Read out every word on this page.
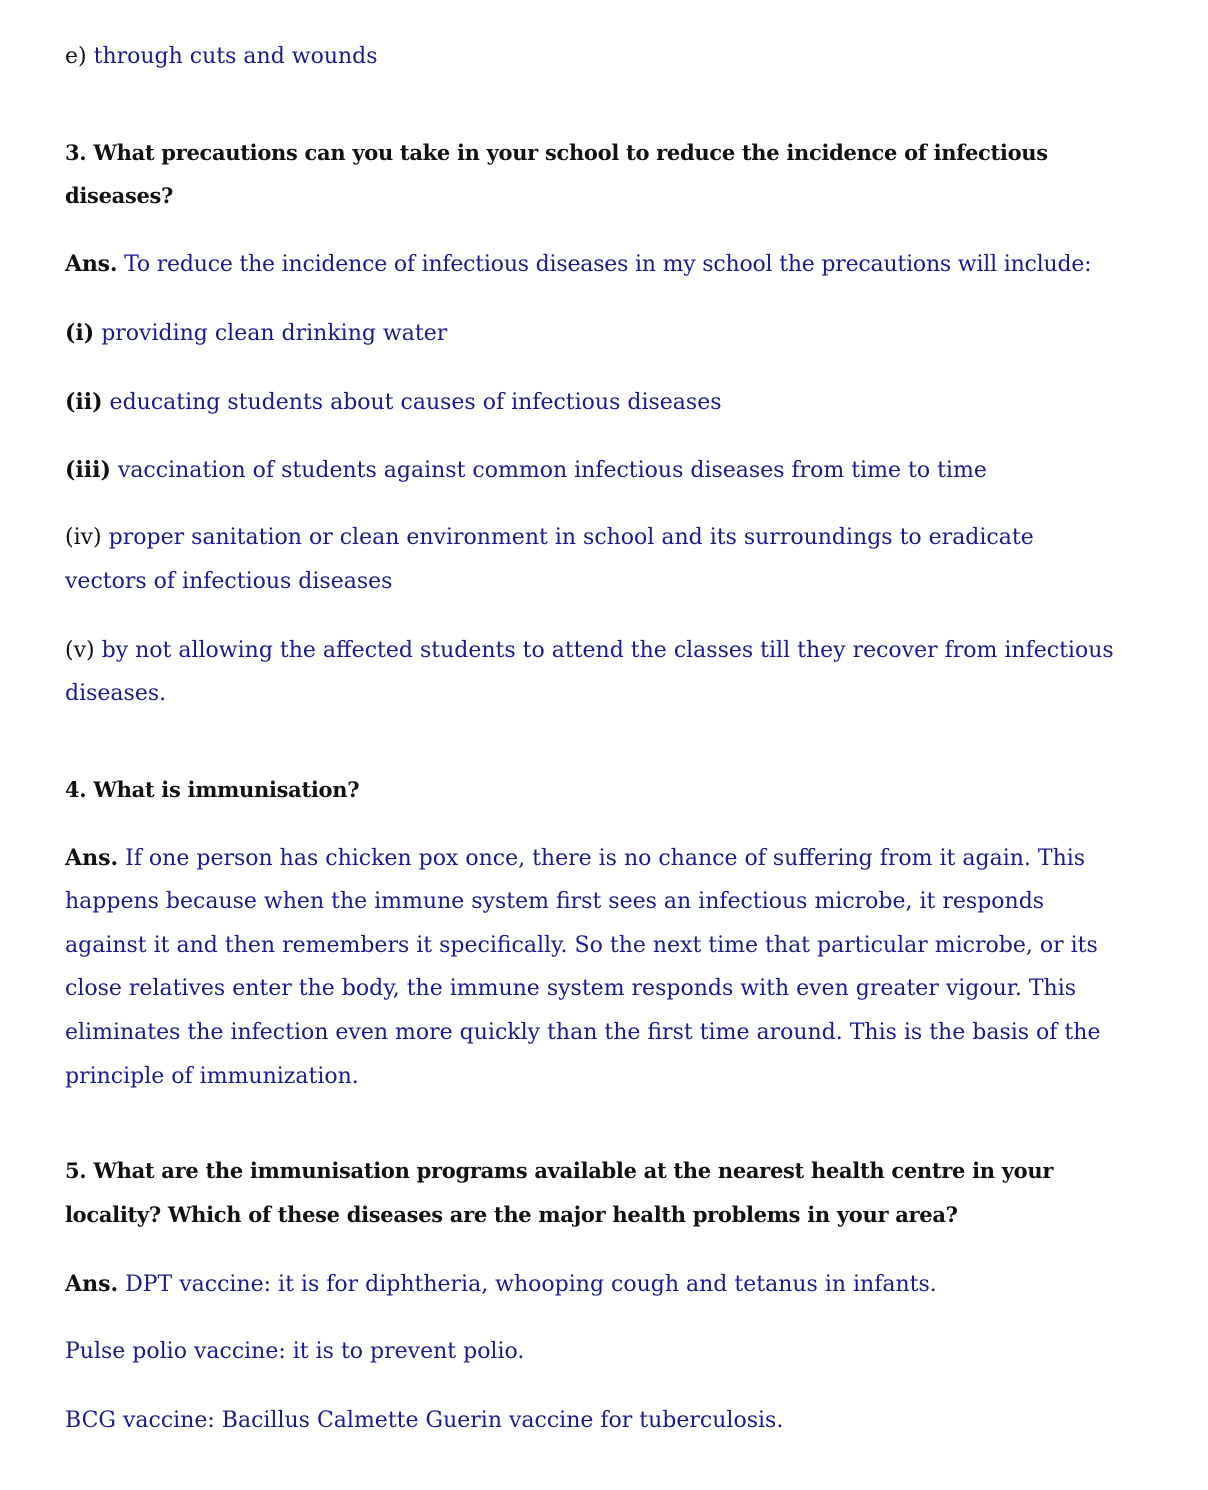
e) through cuts and wounds
3. What precautions can you take in your school to reduce the incidence of infectious
diseases?
Ans. To reduce the incidence of infectious diseases in my school the precautions will include:
(i) providing clean drinking water
(ii) educating students about causes of infectious diseases
(iii) vaccination of students against common infectious diseases from time to time
(iv) proper sanitation or clean environment in school and its surroundings to eradicate
vectors of infectious diseases
(v) by not allowing the affected students to attend the classes till they recover from infectious
diseases.
4. What is immunisation?
Ans. If one person has chicken pox once, there is no chance of suffering from it again. This
happens because when the immune system first sees an infectious microbe, it responds
against it and then remembers it specifically. So the next time that particular microbe, or its
close relatives enter the body, the immune system responds with even greater vigour. This
eliminates the infection even more quickly than the first time around. This is the basis of the
principle of immunization.
5. What are the immunisation programs available at the nearest health centre in your
locality? Which of these diseases are the major health problems in your area?
Ans. DPT vaccine: it is for diphtheria, whooping cough and tetanus in infants.
Pulse polio vaccine: it is to prevent polio.
BCG vaccine: Bacillus Calmette Guerin vaccine for tuberculosis.
